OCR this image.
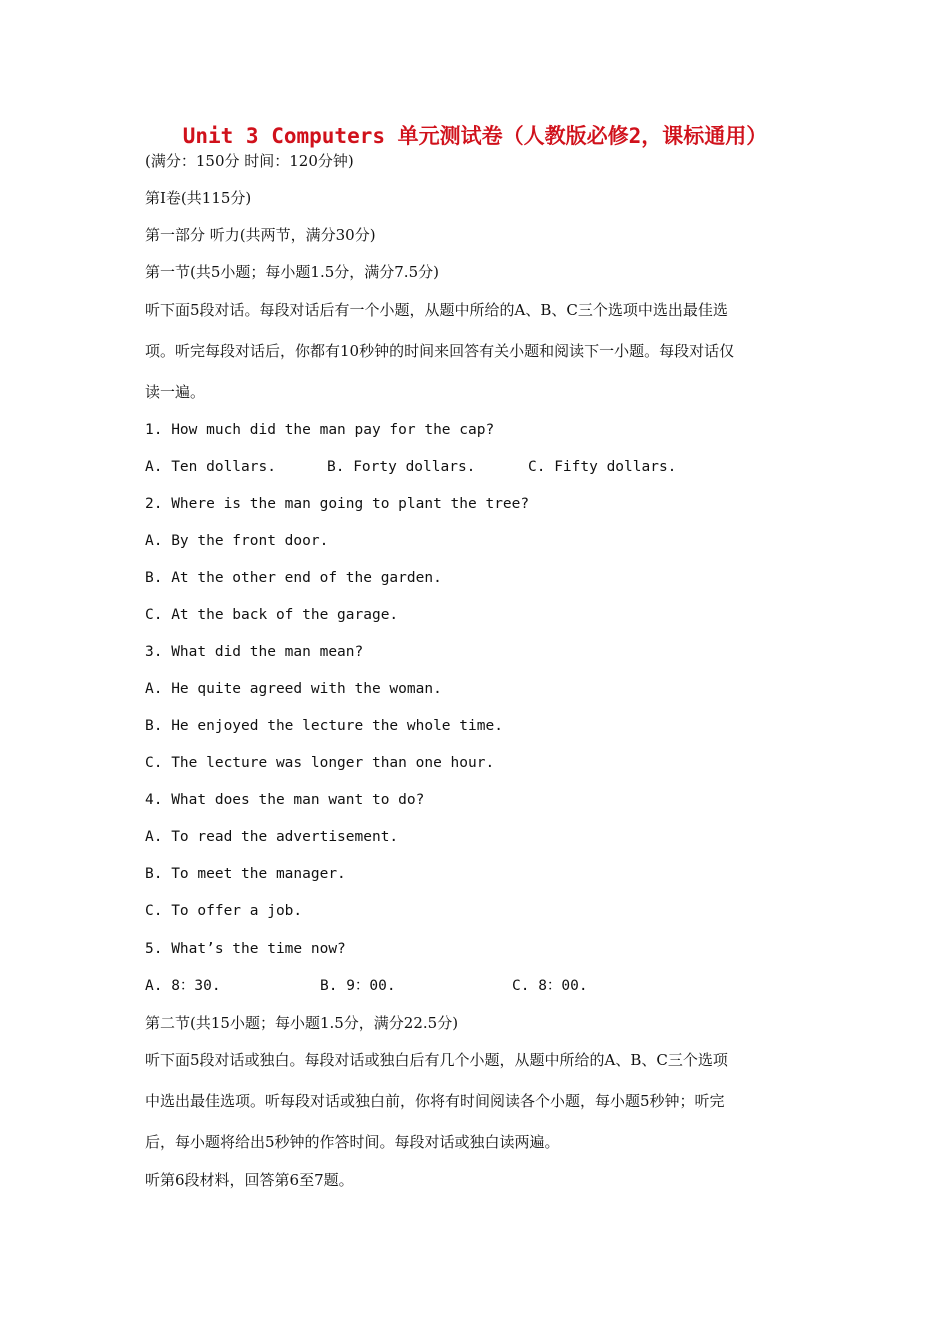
Unit 3 Computers 单元测试卷（人教版必修2，课标通用）
(满分：150分 时间：120分钟)
第Ⅰ卷(共115分)
第一部分 听力(共两节，满分30分)
第一节(共5小题；每小题1.5分，满分7.5分)
听下面5段对话。每段对话后有一个小题，从题中所给的A、B、C三个选项中选出最佳选
项。听完每段对话后，你都有10秒钟的时间来回答有关小题和阅读下一小题。每段对话仅
读一遍。
1. How much did the man pay for the cap?
A. Ten dollars.	B. Forty dollars.	C. Fifty dollars.
2. Where is the man going to plant the tree?
A. By the front door.
B. At the other end of the garden.
C. At the back of the garage.
3. What did the man mean?
A. He quite agreed with the woman.
B. He enjoyed the lecture the whole time.
C. The lecture was longer than one hour.
4. What does the man want to do?
A. To read the advertisement.
B. To meet the manager.
C. To offer a job.
5. What’s the time now?
A. 8：30.	B. 9：00.	C. 8：00.
第二节(共15小题；每小题1.5分，满分22.5分)
听下面5段对话或独白。每段对话或独白后有几个小题，从题中所给的A、B、C三个选项
中选出最佳选项。听每段对话或独白前，你将有时间阅读各个小题，每小题5秒钟；听完
后，每小题将给出5秒钟的作答时间。每段对话或独白读两遍。
听第6段材料，回答第6至7题。
